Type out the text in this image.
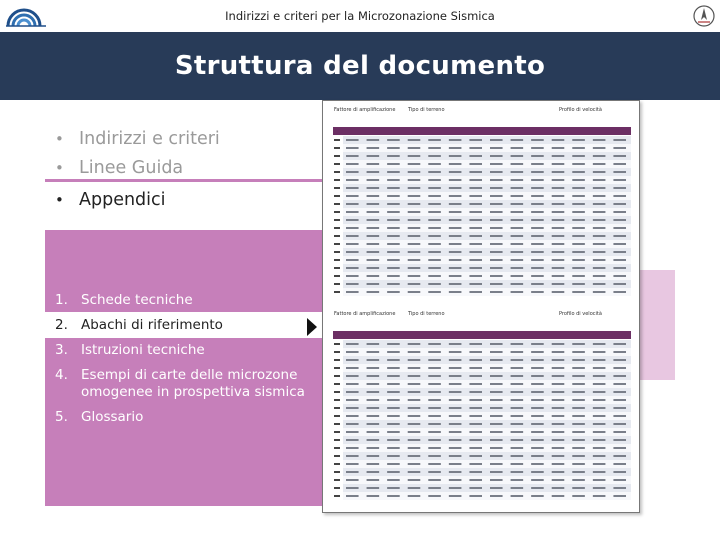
Indirizzi e criteri per la Microzonazione Sismica
Struttura del documento
• Indirizzi e criteri
• Linee Guida
• Appendici
1. Schede tecniche
2. Abachi di riferimento
3. Istruzioni tecniche
4. Esempi di carte delle microzone omogenee in prospettiva sismica
5. Glossario
Fattore di amplificazione	Tipo di terreno	Profilo di velocità
Fattore di amplificazione	Tipo di terreno	Profilo di velocità
